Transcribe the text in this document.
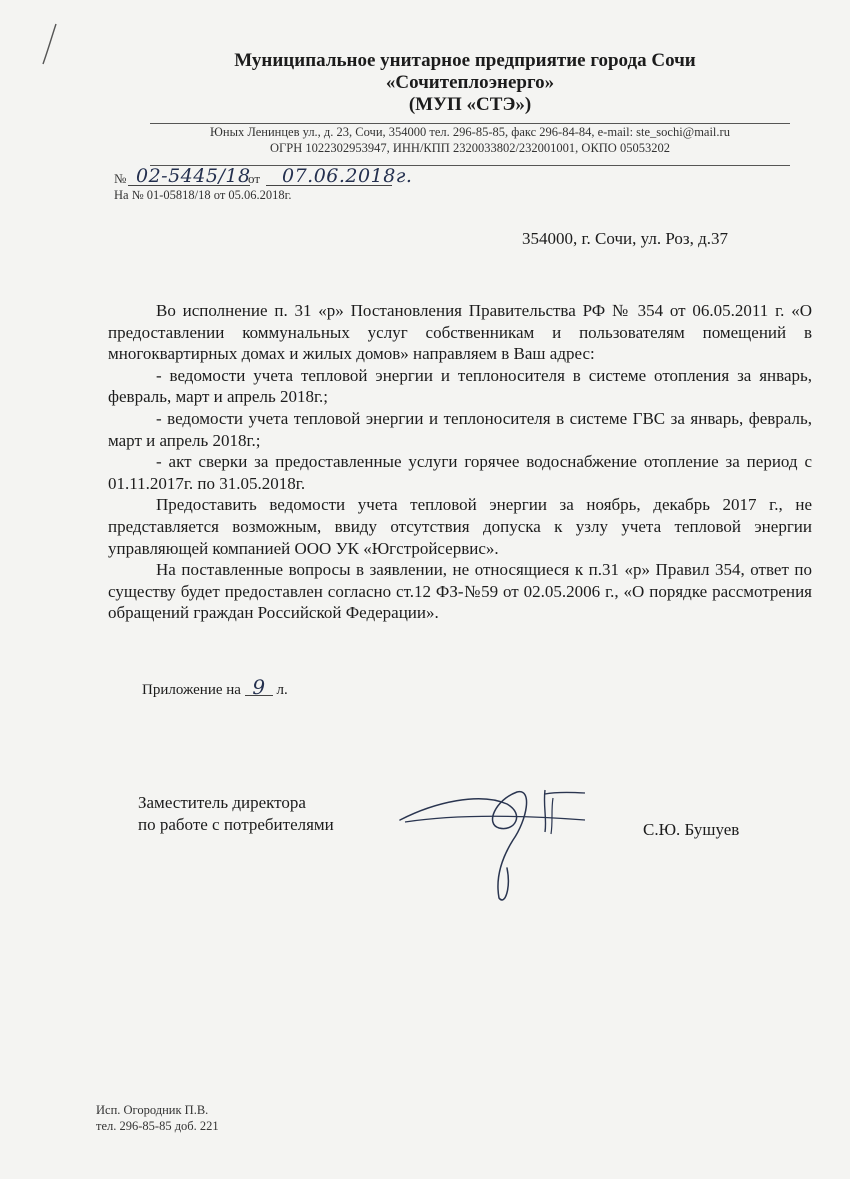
Муниципальное унитарное предприятие города Сочи
«Сочитеплоэнерго»
(МУП «СТЭ»)
Юных Ленинцев ул., д. 23, Сочи, 354000 тел. 296-85-85, факс 296-84-84, e-mail: ste_sochi@mail.ru
ОГРН 1022302953947, ИНН/КПП 2320033802/232001001, ОКПО 05053202
№ 02-5445/18
от 07.06.2018г.
На № 01-05818/18 от 05.06.2018г.
354000, г. Сочи, ул. Роз, д.37

Во исполнение п. 31 «р» Постановления Правительства РФ № 354 от 06.05.2011 г. «О предоставлении коммунальных услуг собственникам и пользователям помещений в многоквартирных домах и жилых домов» направляем в Ваш адрес:

- ведомости учета тепловой энергии и теплоносителя в системе отопления за январь, февраль, март и апрель 2018г.;

- ведомости учета тепловой энергии и теплоносителя в системе ГВС за январь, февраль, март и апрель 2018г.;

- акт сверки за предоставленные услуги горячее водоснабжение отопление за период с 01.11.2017г. по 31.05.2018г.

Предоставить ведомости учета тепловой энергии за ноябрь, декабрь 2017 г., не представляется возможным, ввиду отсутствия допуска к узлу учета тепловой энергии управляющей компанией ООО УК «Югстройсервис».

На поставленные вопросы в заявлении, не относящиеся к п.31 «р» Правил 354, ответ по существу будет предоставлен согласно ст.12 ФЗ-№59 от 02.05.2006 г., «О порядке рассмотрения обращений граждан Российской Федерации».

Приложение на 9 л.
Заместитель директора
по работе с потребителями	С.Ю. Бушуев
Исп. Огородник П.В.
тел. 296-85-85 доб. 221
